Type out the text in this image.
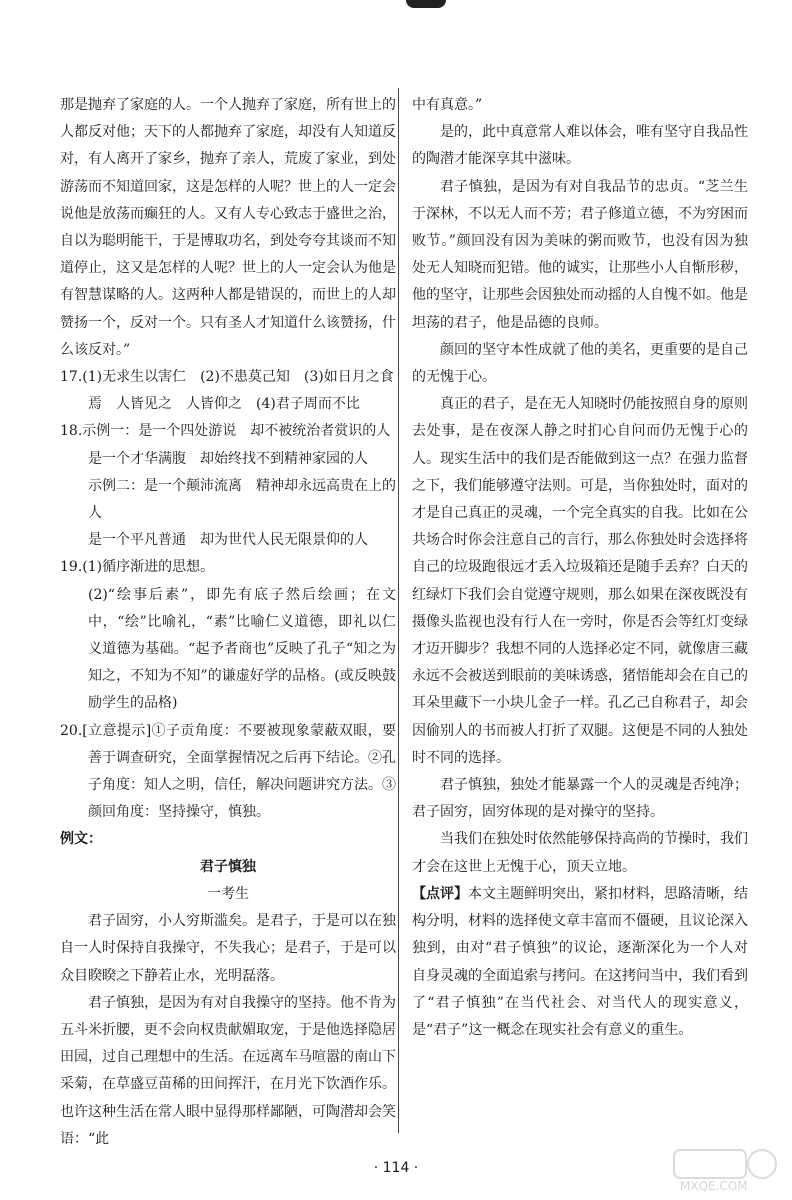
那是抛弃了家庭的人。一个人抛弃了家庭，所有世上的人都反对他；天下的人都抛弃了家庭，却没有人知道反对，有人离开了家乡，抛弃了亲人，荒废了家业，到处游荡而不知道回家，这是怎样的人呢？世上的人一定会说他是放荡而癫狂的人。又有人专心致志于盛世之治，自以为聪明能干，于是博取功名，到处夸夸其谈而不知道停止，这又是怎样的人呢？世上的人一定会认为他是有智慧谋略的人。这两种人都是错误的，而世上的人却赞扬一个，反对一个。只有圣人才知道什么该赞扬，什么该反对。”

17.(1)无求生以害仁　(2)不患莫己知　(3)如日月之食

焉　人皆见之　人皆仰之　(4)君子周而不比

18.示例一：是一个四处游说　却不被统治者赏识的人

是一个才华满腹　却始终找不到精神家园的人

示例二：是一个颠沛流离　精神却永远高贵在上的人

是一个平凡普通　却为世代人民无限景仰的人

19.(1)循序渐进的思想。

(2)“绘事后素”，即先有底子然后绘画；在文中，“绘”比喻礼，“素”比喻仁义道德，即礼以仁义道德为基础。“起予者商也”反映了孔子“知之为知之，不知为不知”的谦虚好学的品格。(或反映鼓励学生的品格)

20.[立意提示]①子贡角度：不要被现象蒙蔽双眼，要善于调查研究，全面掌握情况之后再下结论。②孔子角度：知人之明，信任，解决问题讲究方法。③颜回角度：坚持操守，慎独。

例文：

君子慎独

一考生

君子固穷，小人穷斯滥矣。是君子，于是可以在独自一人时保持自我操守，不失我心；是君子，于是可以众目睽睽之下静若止水，光明磊落。

君子慎独，是因为有对自我操守的坚持。他不肯为五斗米折腰，更不会向权贵献媚取宠，于是他选择隐居田园，过自己理想中的生活。在远离车马喧嚣的南山下采菊，在草盛豆苗稀的田间挥汗，在月光下饮酒作乐。也许这种生活在常人眼中显得那样鄙陋，可陶潜却会笑语：“此

中有真意。”

是的，此中真意常人难以体会，唯有坚守自我品性的陶潜才能深享其中滋味。

君子慎独，是因为有对自我品节的忠贞。“芝兰生于深林，不以无人而不芳；君子修道立德，不为穷困而败节。”颜回没有因为美味的粥而败节，也没有因为独处无人知晓而犯错。他的诚实，让那些小人自惭形秽，他的坚守，让那些会因独处而动摇的人自愧不如。他是坦荡的君子，他是品德的良师。

颜回的坚守本性成就了他的美名，更重要的是自己的无愧于心。

真正的君子，是在无人知晓时仍能按照自身的原则去处事，是在夜深人静之时扪心自问而仍无愧于心的人。现实生活中的我们是否能做到这一点？在强力监督之下，我们能够遵守法则。可是，当你独处时，面对的才是自己真正的灵魂，一个完全真实的自我。比如在公共场合时你会注意自己的言行，那么你独处时会选择将自己的垃圾跑很远才丢入垃圾箱还是随手丢弃？白天的红绿灯下我们会自觉遵守规则，那么如果在深夜既没有摄像头监视也没有行人在一旁时，你是否会等红灯变绿才迈开脚步？我想不同的人选择必定不同，就像唐三藏永远不会被送到眼前的美味诱惑，猪悟能却会在自己的耳朵里藏下一小块儿金子一样。孔乙己自称君子，却会因偷别人的书而被人打折了双腿。这便是不同的人独处时不同的选择。

君子慎独，独处才能暴露一个人的灵魂是否纯净；君子固穷，固穷体现的是对操守的坚持。

当我们在独处时依然能够保持高尚的节操时，我们才会在这世上无愧于心，顶天立地。

【点评】本文主题鲜明突出，紧扣材料，思路清晰，结构分明，材料的选择使文章丰富而不僵硬，且议论深入独到，由对“君子慎独”的议论，逐渐深化为一个人对自身灵魂的全面追索与拷问。在这拷问当中，我们看到了“君子慎独”在当代社会、对当代人的现实意义，是“君子”这一概念在现实社会有意义的重生。

· 114 ·
MXQE.COM
